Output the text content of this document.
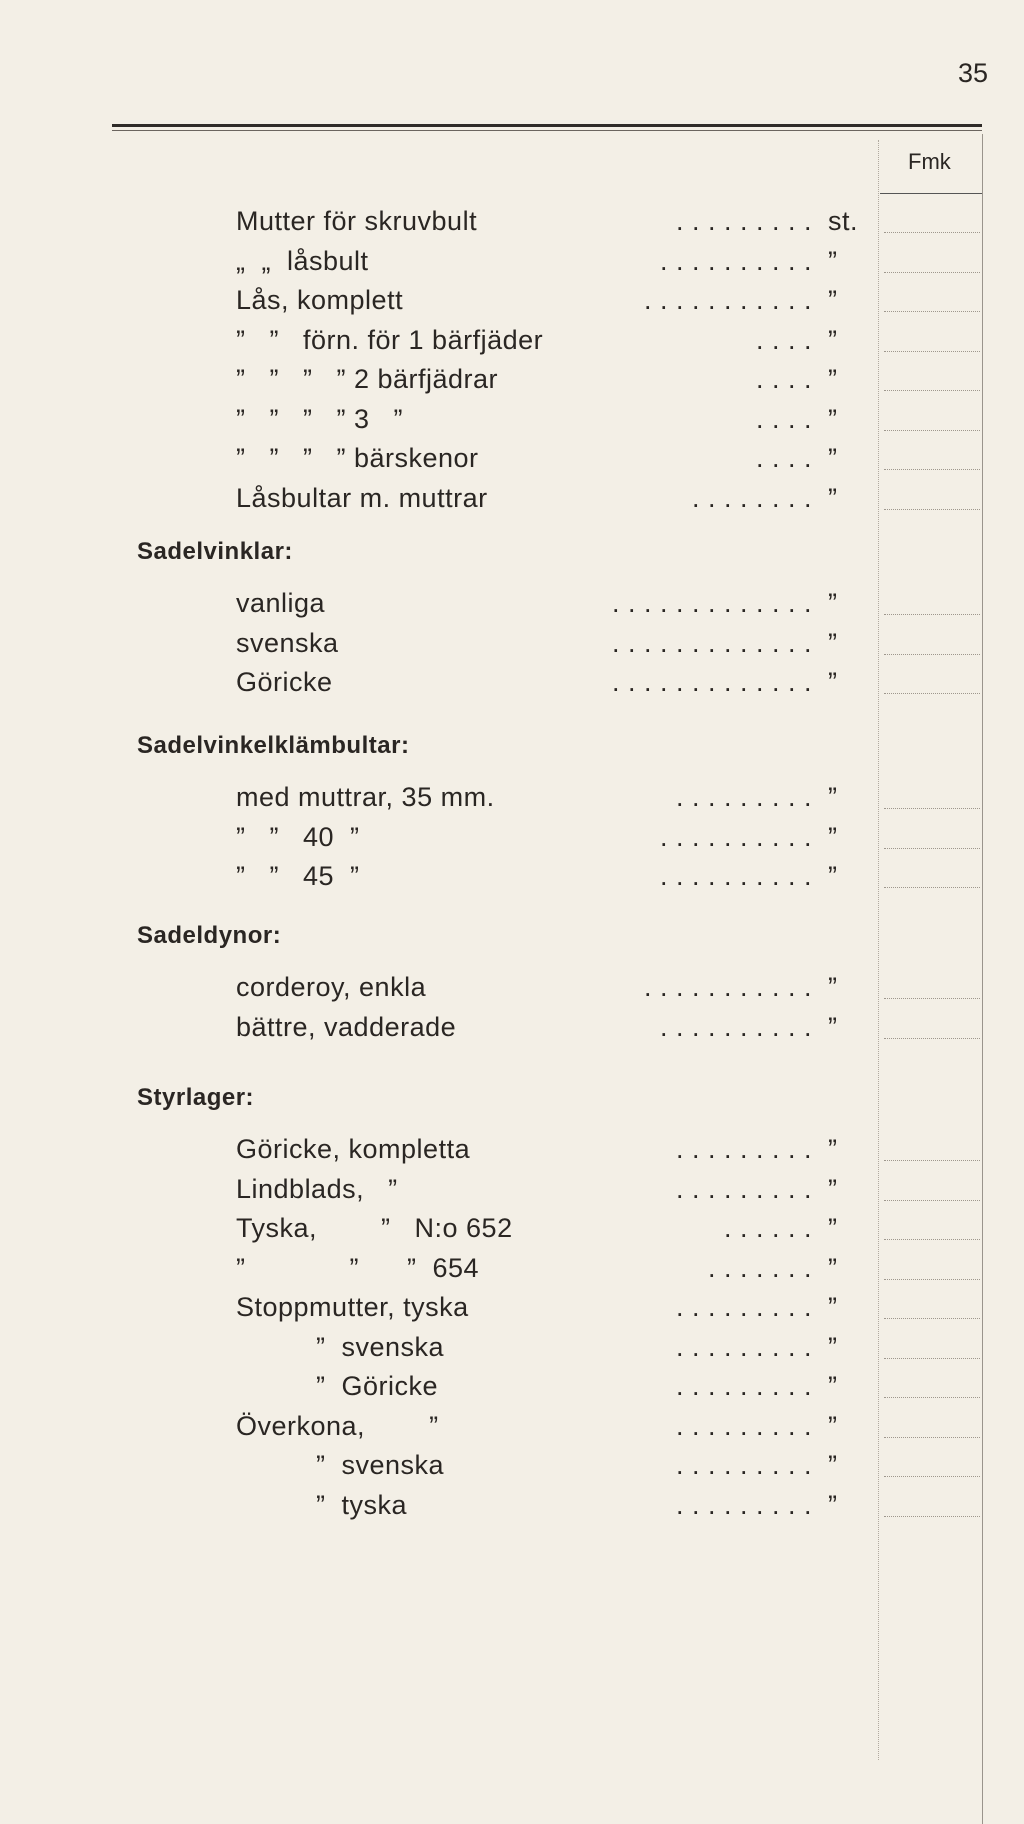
35
Fmk
Mutter för skruvbult	. . . . . . . . . st.
„  „  låsbult	. . . . . . . . . . ”
Lås, komplett	. . . . . . . . . . . ”
”   ”   förn. för 1 bärfjäder	. . . . ”
”   ”   ”   ” 2 bärfjädrar	. . . . ”
”   ”   ”   ” 3   ”	. . . . ”
”   ”   ”   ” bärskenor	. . . . ”
Låsbultar m. muttrar	. . . . . . . . ”
Sadelvinklar:
vanliga	. . . . . . . . . . . . . ”
svenska	. . . . . . . . . . . . . ”
Göricke	. . . . . . . . . . . . . ”
Sadelvinkelklämbultar:
med muttrar, 35 mm.	. . . . . . . . . ”
”   ”   40  ”	. . . . . . . . . . ”
”   ”   45  ”	. . . . . . . . . . ”
Sadeldynor:
corderoy, enkla	. . . . . . . . . . . ”
bättre, vadderade	. . . . . . . . . . ”
Styrlager:
Göricke, kompletta	. . . . . . . . . ”
Lindblads,   ”	. . . . . . . . . ”
Tyska,        ”   N:o 652	. . . . . . ”
”             ”      ”  654	. . . . . . . ”
Stoppmutter, tyska	. . . . . . . . . ”
”  svenska	. . . . . . . . . ”
”  Göricke	. . . . . . . . . ”
Överkona,        ”	. . . . . . . . . ”
”  svenska	. . . . . . . . . ”
”  tyska	. . . . . . . . . ”
